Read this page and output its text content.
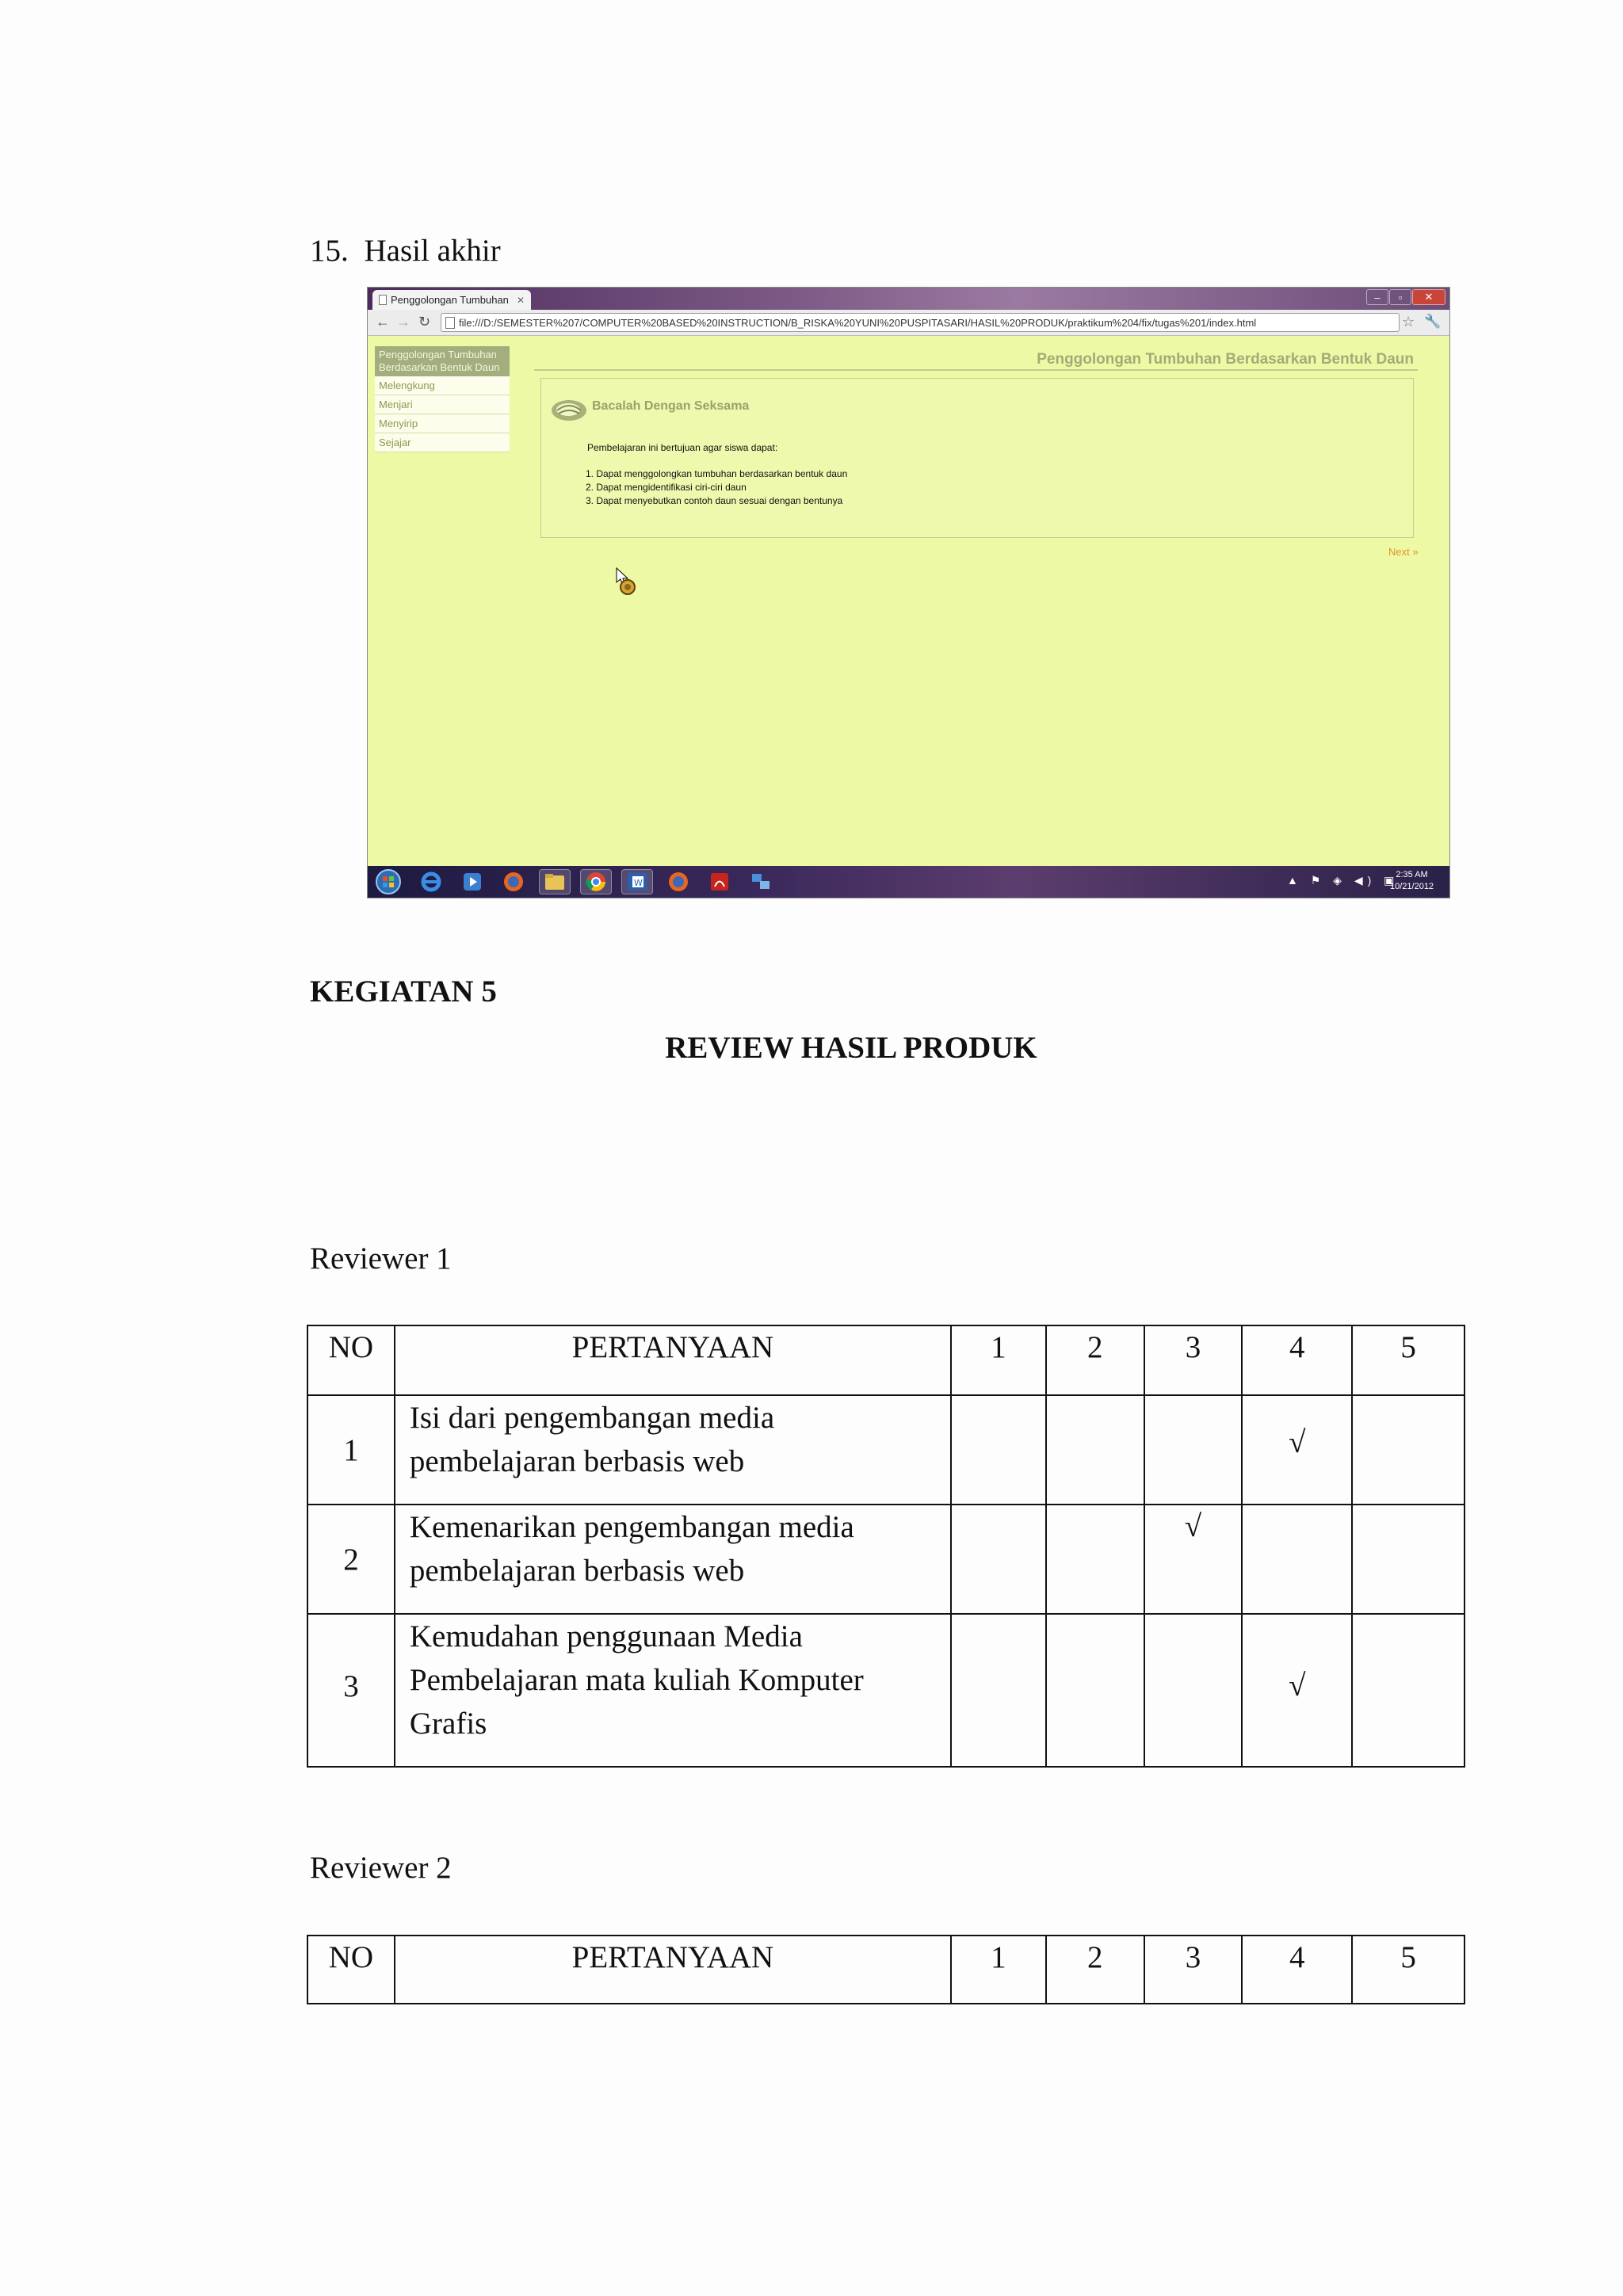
15. Hasil akhir
Penggolongan Tumbuhan ✕	–	▫	✕
← → ↻	file:///D:/SEMESTER%207/COMPUTER%20BASED%20INSTRUCTION/B_RISKA%20YUNI%20PUSPITASARI/HASIL%20PRODUK/praktikum%204/fix/tugas%201/index.html	☆ 🔧
Penggolongan Tumbuhan Berdasarkan Bentuk Daun
Melengkung
Menjari
Menyirip
Sejajar
Penggolongan Tumbuhan Berdasarkan Bentuk Daun
Bacalah Dengan Seksama
Pembelajaran ini bertujuan agar siswa dapat:
1. Dapat menggolongkan tumbuhan berdasarkan bentuk daun
2. Dapat mengidentifikasi ciri-ciri daun
3. Dapat menyebutkan contoh daun sesuai dengan bentunya
Next »
W	▲ ⚑ ◈ ◀) ▣
2:35 AM
10/21/2012
KEGIATAN 5
REVIEW HASIL PRODUK
Reviewer 1
NO	PERTANYAAN	1	2	3	4	5
1	Isi dari pengembangan media
pembelajaran berbasis web				√	
2	Kemenarikan pengembangan media
pembelajaran berbasis web			√		
3	Kemudahan penggunaan Media
Pembelajaran mata kuliah Komputer
Grafis				√	
Reviewer 2
NO	PERTANYAAN	1	2	3	4	5
